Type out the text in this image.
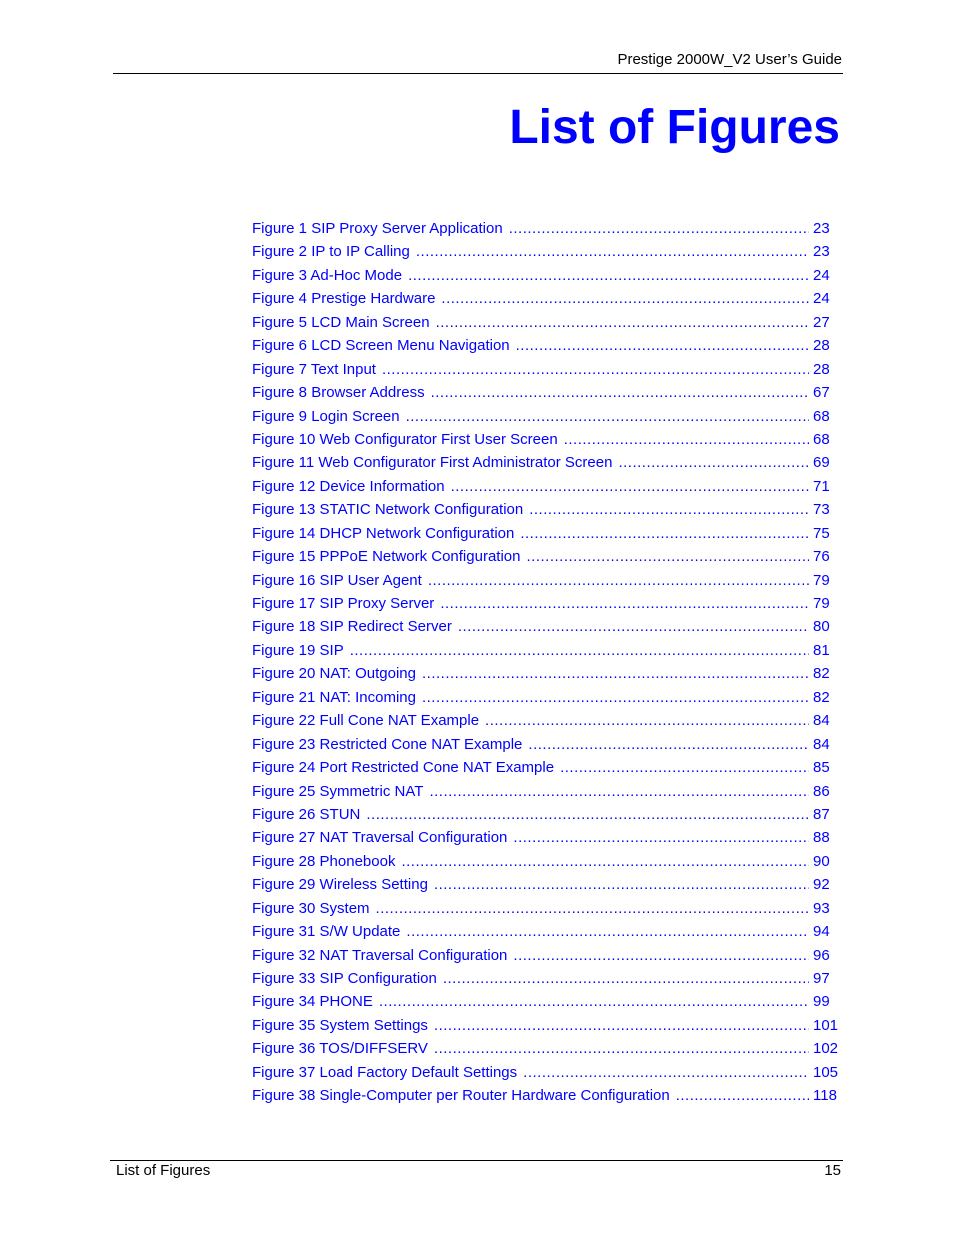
Prestige 2000W_V2 User’s Guide
List of Figures
Figure 1 SIP Proxy Server Application .....	23
Figure 2 IP to IP Calling .....	23
Figure 3 Ad-Hoc Mode .....	24
Figure 4 Prestige Hardware .....	24
Figure 5 LCD Main Screen .....	27
Figure 6 LCD Screen Menu Navigation .....	28
Figure 7 Text Input .....	28
Figure 8 Browser Address .....	67
Figure 9 Login Screen .....	68
Figure 10 Web Configurator First User Screen .....	68
Figure 11 Web Configurator First Administrator Screen .....	69
Figure 12 Device Information .....	71
Figure 13 STATIC Network Configuration .....	73
Figure 14 DHCP Network Configuration .....	75
Figure 15 PPPoE Network Configuration .....	76
Figure 16 SIP User Agent .....	79
Figure 17 SIP Proxy Server .....	79
Figure 18 SIP Redirect Server .....	80
Figure 19 SIP .....	81
Figure 20 NAT: Outgoing .....	82
Figure 21 NAT: Incoming .....	82
Figure 22 Full Cone NAT Example .....	84
Figure 23 Restricted Cone NAT Example .....	84
Figure 24 Port Restricted Cone NAT Example .....	85
Figure 25 Symmetric NAT .....	86
Figure 26 STUN .....	87
Figure 27 NAT Traversal Configuration .....	88
Figure 28 Phonebook .....	90
Figure 29 Wireless Setting .....	92
Figure 30 System .....	93
Figure 31 S/W Update .....	94
Figure 32 NAT Traversal Configuration .....	96
Figure 33 SIP Configuration .....	97
Figure 34 PHONE .....	99
Figure 35 System Settings .....	101
Figure 36 TOS/DIFFSERV .....	102
Figure 37 Load Factory Default Settings .....	105
Figure 38 Single-Computer per Router Hardware Configuration .....	118
List of Figures	15
